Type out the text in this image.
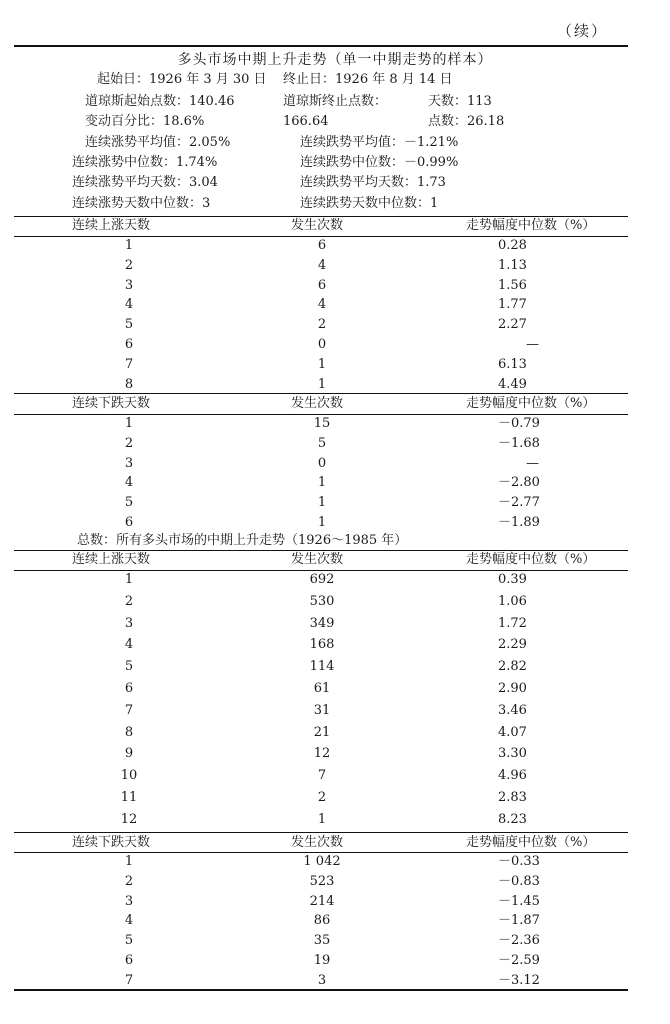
（续）
多头市场中期上升走势（单一中期走势的样本）
起始日：1926 年 3 月 30 日 终止日：1926 年 8 月 14 日
道琼斯起始点数：140.46	道琼斯终止点数：	天数：113
变动百分比：18.6%	166.64	点数：26.18
连续涨势平均值：2.05%	连续跌势平均值：－1.21%
连续涨势中位数：1.74%	连续跌势中位数：－0.99%
连续涨势平均天数：3.04	连续跌势平均天数：1.73
连续涨势天数中位数：3	连续跌势天数中位数：1
连续上涨天数	发生次数	走势幅度中位数（%）
1	6	0.28
2	4	1.13
3	6	1.56
4	4	1.77
5	2	2.27
6	0	—
7	1	6.13
8	1	4.49
连续下跌天数	发生次数	走势幅度中位数（%）
1	15	－0.79
2	5	－1.68
3	0	—
4	1	－2.80
5	1	－2.77
6	1	－1.89
总数：所有多头市场的中期上升走势（1926～1985 年）
连续上涨天数	发生次数	走势幅度中位数（%）
1	692	0.39
2	530	1.06
3	349	1.72
4	168	2.29
5	114	2.82
6	61	2.90
7	31	3.46
8	21	4.07
9	12	3.30
10	7	4.96
11	2	2.83
12	1	8.23
连续下跌天数	发生次数	走势幅度中位数（%）
1	1 042	－0.33
2	523	－0.83
3	214	－1.45
4	86	－1.87
5	35	－2.36
6	19	－2.59
7	3	－3.12
